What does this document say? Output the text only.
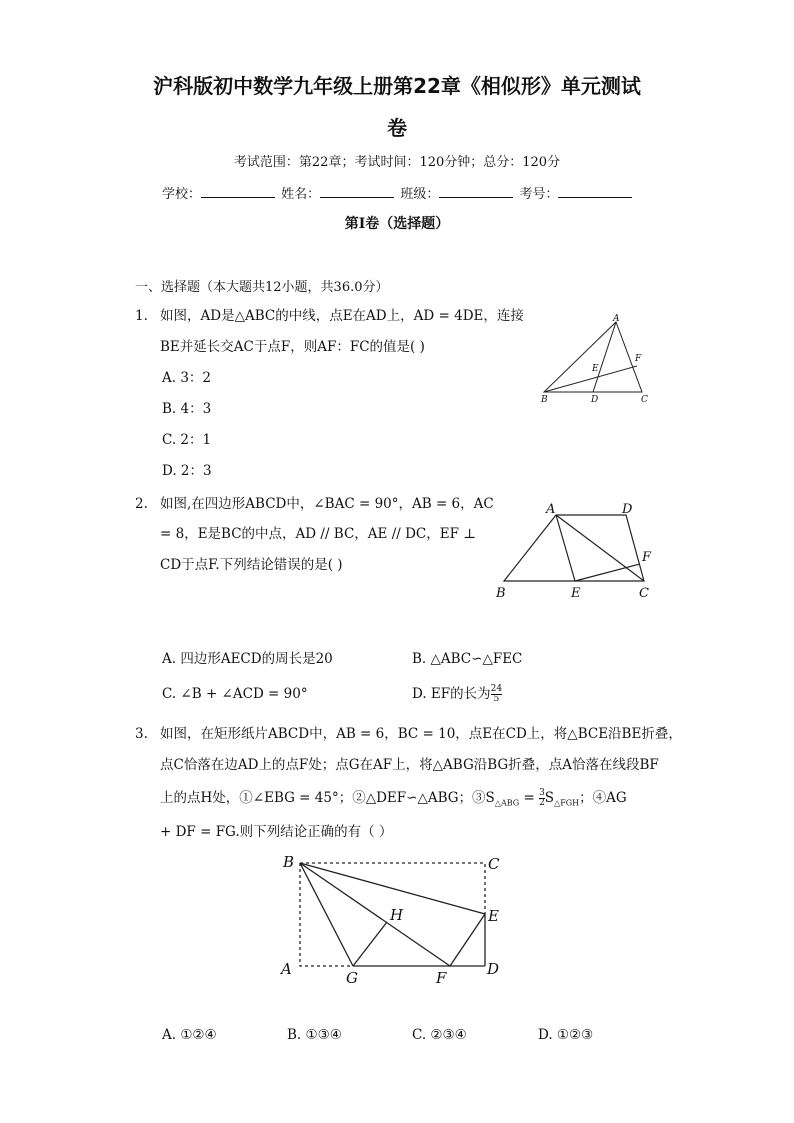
沪科版初中数学九年级上册第22章《相似形》单元测试
卷
考试范围：第22章；考试时间：120分钟；总分：120分
学校：	姓名：	班级：	考号：
第I卷（选择题）
一、选择题（本大题共12小题，共36.0分）
1. 如图，AD是△ABC的中线，点E在AD上，AD = 4DE，连接
BE并延长交AC于点F，则AF：FC的值是( )
A. 3：2
B. 4：3
C. 2：1
D. 2：3
A
F
E
B	D	C
2. 如图,在四边形ABCD中，∠BAC = 90°，AB = 6，AC
= 8，E是BC的中点，AD // BC，AE // DC，EF ⊥
CD于点F.下列结论错误的是( )
A	D
F
B	E	C
A. 四边形AECD的周长是20	B. △ABC∽△FEC
C. ∠B + ∠ACD = 90°	D. EF的长为 $\frac{24}{5}$
3. 如图，在矩形纸片ABCD中，AB = 6，BC = 10，点E在CD上，将△BCE沿BE折叠，
点C恰落在边AD上的点F处；点G在AF上，将△ABG沿BG折叠，点A恰落在线段BF
上的点H处，①∠EBG = 45°；②△DEF∽△ABG；$③S_{\triangle ABG} = \frac{3}{2} S_{\triangle FGH}$；④AG
+ DF = FG.则下列结论正确的有（ ）
B	C
H	E
A	G	F	D
A. ①②④	B. ①③④	C. ②③④	D. ①②③
